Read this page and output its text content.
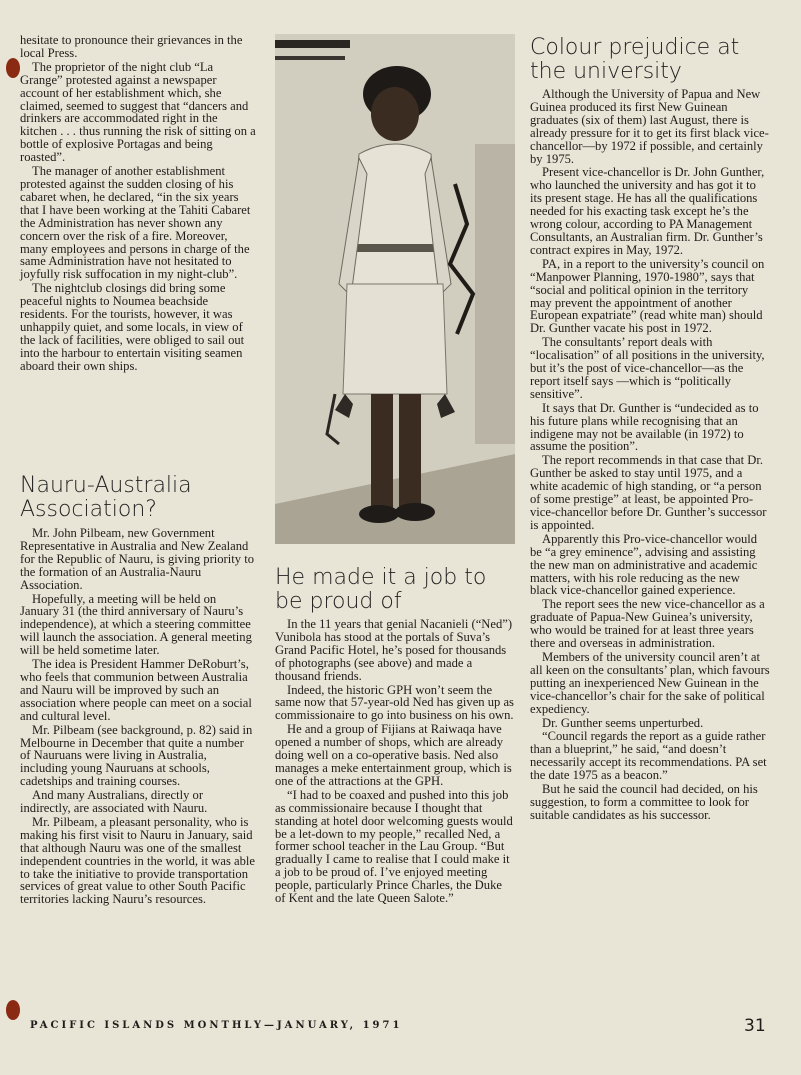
hesitate to pronounce their grievances in the local Press.

The proprietor of the night club “La Grange” protested against a newspaper account of her establishment which, she claimed, seemed to suggest that “dancers and drinkers are accommodated right in the kitchen . . . thus running the risk of sitting on a bottle of explosive Portagas and being roasted”.

The manager of another establishment protested against the sudden closing of his cabaret when, he declared, “in the six years that I have been working at the Tahiti Cabaret the Administration has never shown any concern over the risk of a fire. Moreover, many employees and persons in charge of the same Administration have not hesitated to joyfully risk suffocation in my night-club”.

The nightclub closings did bring some peaceful nights to Noumea beachside residents. For the tourists, however, it was unhappily quiet, and some locals, in view of the lack of facilities, were obliged to sail out into the harbour to entertain visiting seamen aboard their own ships.

Nauru-Australia Association?

Mr. John Pilbeam, new Government Representative in Australia and New Zealand for the Republic of Nauru, is giving priority to the formation of an Australia-Nauru Association.

Hopefully, a meeting will be held on January 31 (the third anniversary of Nauru’s independence), at which a steering committee will launch the association. A general meeting will be held sometime later.

The idea is President Hammer DeRoburt’s, who feels that communion between Australia and Nauru will be improved by such an association where people can meet on a social and cultural level.

Mr. Pilbeam (see background, p. 82) said in Melbourne in December that quite a number of Nauruans were living in Australia, including young Nauruans at schools, cadetships and training courses.

And many Australians, directly or indirectly, are associated with Nauru.

Mr. Pilbeam, a pleasant personality, who is making his first visit to Nauru in January, said that although Nauru was one of the smallest independent countries in the world, it was able to take the initiative to provide transportation services of great value to other South Pacific territories lacking Nauru’s resources.

He made it a job to be proud of

In the 11 years that genial Nacanieli (“Ned”) Vunibola has stood at the portals of Suva’s Grand Pacific Hotel, he’s posed for thousands of photographs (see above) and made a thousand friends.

Indeed, the historic GPH won’t seem the same now that 57-year-old Ned has given up as commissionaire to go into business on his own.

He and a group of Fijians at Raiwaqa have opened a number of shops, which are already doing well on a co-operative basis. Ned also manages a meke entertainment group, which is one of the attractions at the GPH.

“I had to be coaxed and pushed into this job as commissionaire because I thought that standing at hotel door welcoming guests would be a let-down to my people,” recalled Ned, a former school teacher in the Lau Group. “But gradually I came to realise that I could make it a job to be proud of. I’ve enjoyed meeting people, particularly Prince Charles, the Duke of Kent and the late Queen Salote.”

Colour prejudice at the university

Although the University of Papua and New Guinea produced its first New Guinean graduates (six of them) last August, there is already pressure for it to get its first black vice-chancellor—by 1972 if possible, and certainly by 1975.

Present vice-chancellor is Dr. John Gunther, who launched the university and has got it to its present stage. He has all the qualifications needed for his exacting task except he’s the wrong colour, according to PA Management Consultants, an Australian firm. Dr. Gunther’s contract expires in May, 1972.

PA, in a report to the university’s council on “Manpower Planning, 1970-1980”, says that “social and political opinion in the territory may prevent the appointment of another European expatriate” (read white man) should Dr. Gunther vacate his post in 1972.

The consultants’ report deals with “localisation” of all positions in the university, but it’s the post of vice-chancellor—as the report itself says —which is “politically sensitive”.

It says that Dr. Gunther is “undecided as to his future plans while recognising that an indigene may not be available (in 1972) to assume the position”.

The report recommends in that case that Dr. Gunther be asked to stay until 1975, and a white academic of high standing, or “a person of some prestige” at least, be appointed Pro-vice-chancellor before Dr. Gunther’s successor is appointed.

Apparently this Pro-vice-chancellor would be “a grey eminence”, advising and assisting the new man on administrative and academic matters, with his role reducing as the new black vice-chancellor gained experience.

The report sees the new vice-chancellor as a graduate of Papua-New Guinea’s university, who would be trained for at least three years there and overseas in administration.

Members of the university council aren’t at all keen on the consultants’ plan, which favours putting an inexperienced New Guinean in the vice-chancellor’s chair for the sake of political expediency.

Dr. Gunther seems unperturbed.

“Council regards the report as a guide rather than a blueprint,” he said, “and doesn’t necessarily accept its recommendations. PA set the date 1975 as a beacon.”

But he said the council had decided, on his suggestion, to form a committee to look for suitable candidates as his successor.

PACIFIC ISLANDS MONTHLY—JANUARY, 1971	31
